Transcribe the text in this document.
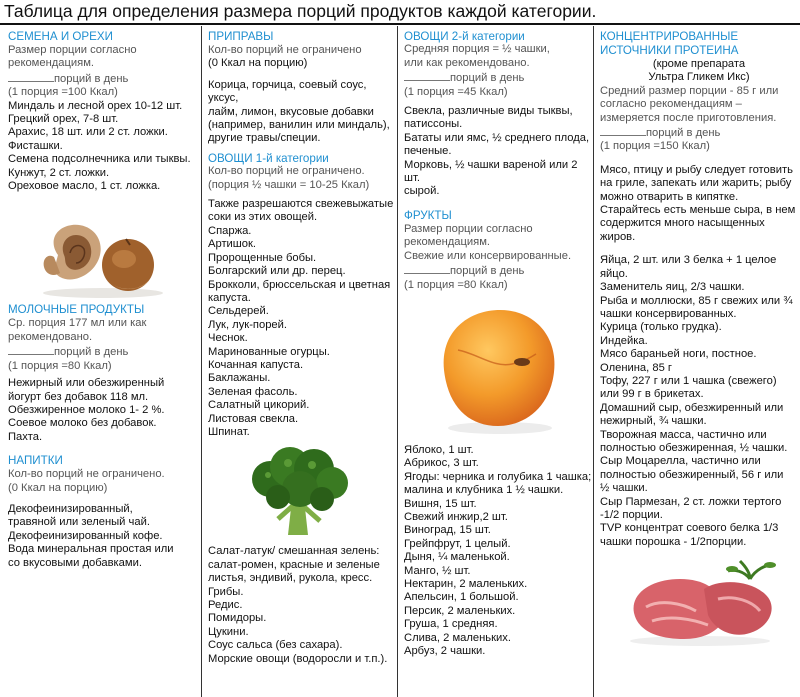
Таблица для определения размера порций продуктов каждой категории.
СЕМЕНА И ОРЕХИ

Размер порции согласно

рекомендациям.

порций в день

(1 порция =100 Ккал)

Миндаль и лесной орех 10-12 шт.

Грецкий орех, 7-8 шт.

Арахис, 18 шт. или 2 ст. ложки.

Фисташки.

Семена подсолнечника или тыквы.

Кунжут, 2 ст. ложки.

Ореховое масло, 1 ст. ложка.

МОЛОЧНЫЕ ПРОДУКТЫ

Ср. порция 177 мл или как

рекомендовано.

порций в день

(1 порция =80 Ккал)

Нежирный или обезжиренный

йогурт без добавок 118 мл.

Обезжиренное молоко 1- 2 %.

Соевое молоко без добавок.

Пахта.

НАПИТКИ

Кол-во порций не ограничено.

(0 Ккал на порцию)

Декофеинизированный,

травяной или зеленый чай.

Декофеинизированный кофе.

Вода минеральная простая или

со вкусовыми добавками.

ПРИПРАВЫ

Кол-во порций не ограничено

(0 Ккал на порцию)

Корица, горчица, соевый соус, уксус,

лайм, лимон, вкусовые добавки

(например, ванилин или миндаль),

другие травы/специи.

ОВОЩИ 1-й категории

Кол-во порций не ограничено.

(порция ½ чашки = 10-25 Ккал)

Также разрешаются свежевыжатые

соки из этих овощей.

Спаржа.

Артишок.

Пророщенные бобы.

Болгарский или др. перец.

Брокколи, брюссельская и цветная

капуста.

Сельдерей.

Лук, лук-порей.

Чеснок.

Маринованные огурцы.

Кочанная капуста.

Баклажаны.

Зеленая фасоль.

Салатный цикорий.

Листовая свекла.

Шпинат.

Салат-латук/ смешанная зелень:

салат-ромен, красные и зеленые

листья, эндивий, рукола, кресс.

Грибы.

Редис.

Помидоры.

Цукини.

Соус сальса (без сахара).

Морские овощи (водоросли и т.п.).

ОВОЩИ 2-й категории

Средняя порция = ½ чашки,

или как рекомендовано.

порций в день

(1 порция =45 Ккал)

Свекла, различные виды тыквы,

патиссоны.

Бататы или ямс, ½ среднего плода,

печеные.

Морковь, ½ чашки вареной или 2 шт.

сырой.

ФРУКТЫ

Размер порции согласно

рекомендациям.

Свежие или консервированные.

порций в день

(1 порция =80 Ккал)

Яблоко, 1 шт.

Абрикос, 3 шт.

Ягоды: черника и голубика 1 чашка;

малина и клубника 1 ½ чашки.

Вишня, 15 шт.

Свежий инжир,2 шт.

Виноград, 15 шт.

Грейпфрут, 1 целый.

Дыня, ¼ маленькой.

Манго, ½ шт.

Нектарин, 2 маленьких.

Апельсин, 1 большой.

Персик, 2 маленьких.

Груша, 1 средняя.

Слива, 2 маленьких.

Арбуз, 2 чашки.

КОНЦЕНТРИРОВАННЫЕ

ИСТОЧНИКИ ПРОТЕИНА

(кроме препарата

Ультра Гликем Икс)

Средний размер порции - 85 г или

согласно рекомендациям –

измеряется после приготовления.

порций в день

(1 порция =150 Ккал)

Мясо, птицу и рыбу следует готовить

на гриле, запекать или жарить; рыбу

можно отварить в кипятке.

Старайтесь есть меньше сыра, в нем

содержится много насыщенных

жиров.

Яйца, 2 шт. или 3 белка + 1 целое

яйцо.

Заменитель яиц, 2/3 чашки.

Рыба и моллюски, 85 г свежих или ¾

чашки консервированных.

Курица (только грудка).

Индейка.

Мясо бараньей ноги, постное.

Оленина, 85 г

Тофу, 227 г или 1 чашка (свежего)

или 99 г в брикетах.

Домашний сыр, обезжиренный или

нежирный, ¾ чашки.

Творожная масса, частично или

полностью обезжиренная, ½ чашки.

Сыр Моцарелла, частично или

полностью обезжиренный, 56 г или

½ чашки.

Сыр Пармезан, 2 ст. ложки тертого

-1/2 порции.

TVP концентрат соевого белка 1/3

чашки порошка - 1/2порции.
